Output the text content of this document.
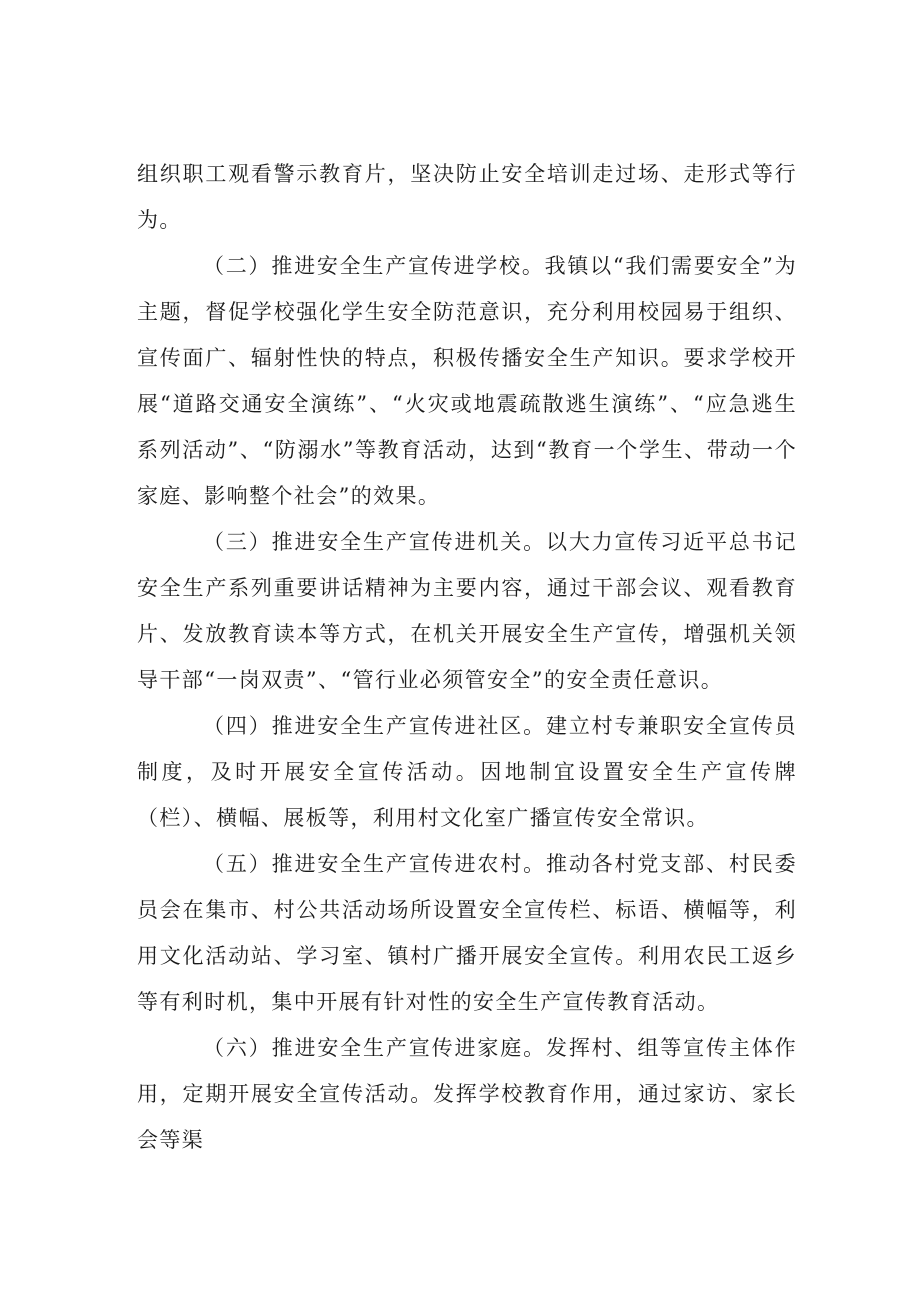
组织职工观看警示教育片，坚决防止安全培训走过场、走形式等行为。

（二）推进安全生产宣传进学校。我镇以“我们需要安全”为主题，督促学校强化学生安全防范意识，充分利用校园易于组织、宣传面广、辐射性快的特点，积极传播安全生产知识。要求学校开展“道路交通安全演练”、“火灾或地震疏散逃生演练”、“应急逃生系列活动”、“防溺水”等教育活动，达到“教育一个学生、带动一个家庭、影响整个社会”的效果。

（三）推进安全生产宣传进机关。以大力宣传习近平总书记安全生产系列重要讲话精神为主要内容，通过干部会议、观看教育片、发放教育读本等方式，在机关开展安全生产宣传，增强机关领导干部“一岗双责”、“管行业必须管安全”的安全责任意识。

（四）推进安全生产宣传进社区。建立村专兼职安全宣传员制度，及时开展安全宣传活动。因地制宜设置安全生产宣传牌（栏）、横幅、展板等，利用村文化室广播宣传安全常识。

（五）推进安全生产宣传进农村。推动各村党支部、村民委员会在集市、村公共活动场所设置安全宣传栏、标语、横幅等，利用文化活动站、学习室、镇村广播开展安全宣传。利用农民工返乡等有利时机，集中开展有针对性的安全生产宣传教育活动。

（六）推进安全生产宣传进家庭。发挥村、组等宣传主体作用，定期开展安全宣传活动。发挥学校教育作用，通过家访、家长会等渠
